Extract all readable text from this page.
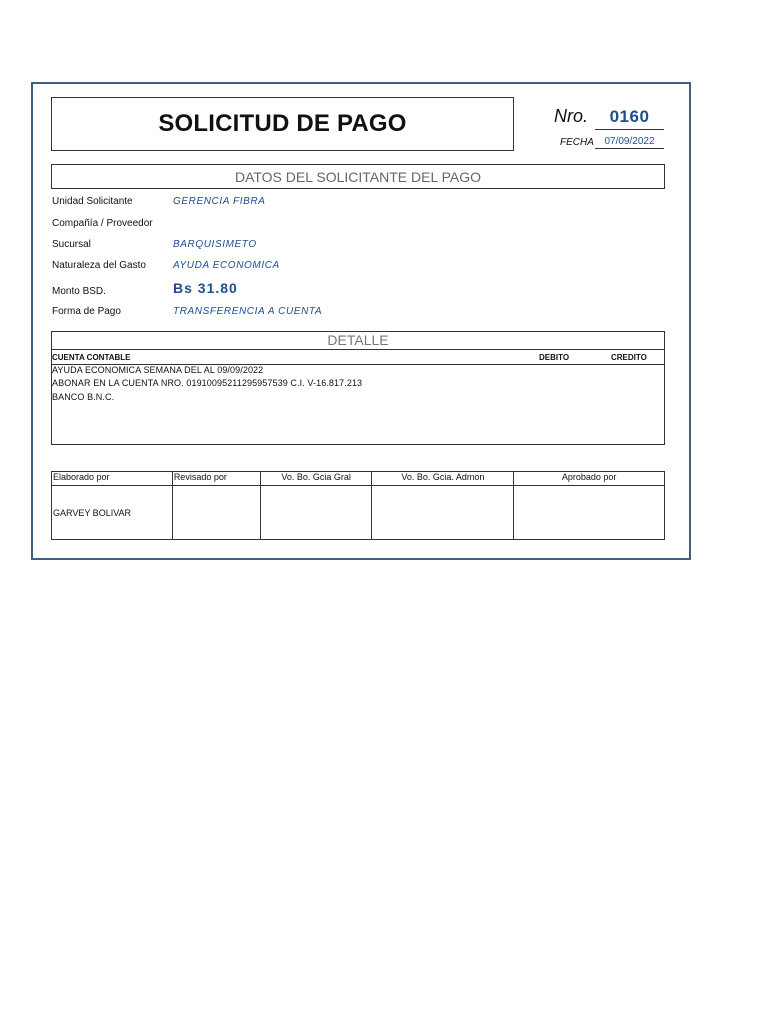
SOLICITUD DE PAGO	Nro.	0160
FECHA	07/09/2022
DATOS DEL SOLICITANTE DEL PAGO
Unidad Solicitante	GERENCIA FIBRA
Compañía / Proveedor
Sucursal	BARQUISIMETO
Naturaleza del Gasto	AYUDA ECONOMICA
Monto BSD.	Bs 31.80
Forma de Pago	TRANSFERENCIA A CUENTA
DETALLE
CUENTA CONTABLE	DEBITO	CREDITO
AYUDA ECONOMICA SEMANA DEL AL 09/09/2022
ABONAR EN LA CUENTA NRO. 01910095211295957539 C.I. V-16.817.213
BANCO B.N.C.
Elaborado por	Revisado por	Vo. Bo. Gcia Gral	Vo. Bo. Gcia. Admon	Aprobado por
GARVEY BOLIVAR				
